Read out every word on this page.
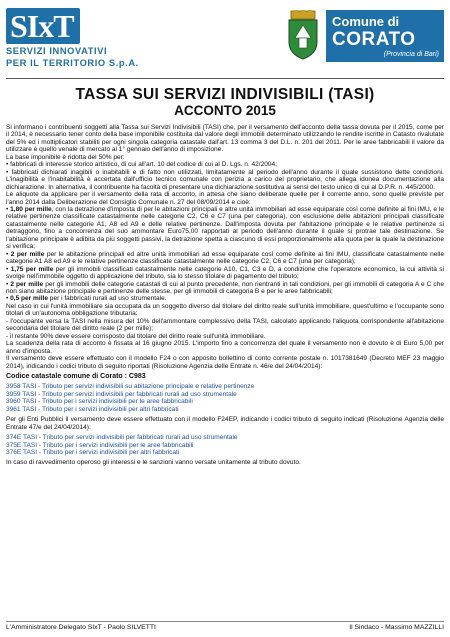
SIxT
SERVIZI INNOVATIVI
PER IL TERRITORIO S.p.A.
Comune di
CORATO
(Provincia di Bari)
TASSA SUI SERVIZI INDIVISIBILI (TASI)
ACCONTO 2015

Si informano i contribuenti soggetti alla Tassa sui Servizi Indivisibili (TASI) che, per il versamento dell'acconto della tassa dovuta per il 2015, come per il 2014, è necessario tener conto della base imponibile costituita dal valore degli immobili determinato utilizzando le rendite iscritte in Catasto rivalutate del 5% ed i moltiplicatori stabiliti per ogni singola categoria catastale dall'art. 13 comma 3 del D.L. n. 201 del 2011. Per le aree fabbricabili il valore da utilizzare è quello venale di mercato al 1° gennaio dell'anno di imposizione.

La base imponibile è ridotta del 50% per:

• fabbricati di interesse storico artistico, di cui all'art. 10 del codice di cui al D. Lgs. n. 42/2004;

• fabbricati dichiarati inagibili o inabitabili e di fatto non utilizzati, limitatamente al periodo dell'anno durante il quale sussistono dette condizioni. L'inagibilità e l'inabitabilità è accertata dall'ufficio tecnico comunale con perizia a carico del proprietario, che allega idonea documentazione alla dichiarazione. In alternativa, il contribuente ha facoltà di presentare una dichiarazione sostitutiva ai sensi del testo unico di cui al D.P.R. n. 445/2000.

Le aliquote da applicare per il versamento della rata di acconto, in attesa che siano deliberate quelle per il corrente anno, sono quelle previste per l'anno 2014 dalla Deliberazione del Consiglio Comunale n. 27 del 08/09/2014 e cioè:

• 1,80 per mille, con la detrazione d'imposta di per le abitazioni principali e altre unità immobiliari ad esse equiparate così come definite ai fini IMU, e le relative pertinenze classificate catastalmente nelle categorie C2, C6 e C7 (una per categoria), con esclusione delle abitazioni principali classificate catastalmente nelle categorie A1, A8 ed A9 e delle relative pertinenze. Dall'imposta dovuta per l'abitazione principale e le relative pertinenze si detraggono, fino a concorrenza del suo ammontare Euro75,00 rapportati al periodo dell'anno durante il quale si protrae tale destinazione. Se l'abitazione principale è adibita da più soggetti passivi, la detrazione spetta a ciascuno di essi proporzionalmente alla quota per la quale la destinazione si verifica;

• 2 per mille per le abitazione principali ed altre unità immobiliari ad esse equiparate così come definite ai fini IMU, classificate catastalmente nelle categorie A1 A8 ed A9 e le relative pertinenze classificate catastalmente nelle categorie C2, C6 e C7 (una per categoria);

• 1,75 per mille per gli immobili classificati catastalmente nelle categorie A10, C1, C3 e D, a condizione che l'operatore economico, la cui attività si svolge nell'immobile oggetto di applicazione del tributo, sia lo stesso titolare di pagamento del tributo;

• 2 per mille per gli immobili delle categorie catastali di cui al punto precedente, non rientranti in tali condizioni, per gli immobili di categoria A e C che non siano abitazione principale e pertinenze delle stesse, per gli immobili di categoria B e per le aree fabbricabili;

• 0,5 per mille per i fabbricati rurali ad uso strumentale.

Nel caso in cui l'unità immobiliare sia occupata da un soggetto diverso dal titolare del diritto reale sull'unità immobiliare, quest'ultimo e l'occupante sono titolari di un'autonoma obbligazione tributaria:

- l'occupante versa la TASI nella misura del 10% dell'ammontare complessivo della TASI, calcolato applicando l'aliquota corrispondente all'abitazione secondaria del titolare del diritto reale (2 per mille);

- il restante 90% deve essere corrisposto dal titolare del diritto reale sull'unità immobiliare.

La scadenza della rata di acconto è fissata al 16 giugno 2015. L'importo fino a concorrenza del quale il versamento non è dovuto è di Euro 5,00 per anno d'imposta.

Il versamento deve essere effettuato con il modello F24 o con apposito bollettino di conto corrente postale n. 1017381649 (Decreto MEF 23 maggio 2014), indicando i codici tributo di seguito riportati (Risoluzione Agenzia delle Entrate n. 46/e del 24/04/2014):

Codice catastale comune di Corato : C983

3958 TASI - Tributo per servizi indivisibili su abitazione principale e relative pertinenze
3959 TASI - Tributo per servizi indivisibili per fabbricati rurali ad uso strumentale
3960 TASI - Tributo per i servizi indivisibili per le aree fabbricabili
3961 TASI - Tributo per i servizi indivisibili per altri fabbricati

Per gli Enti Pubblici il versamento deve essere effettuato con il modello F24EP, indicando i codici tributo di seguito indicati (Risoluzione Agenzia delle Entrate 47/e del 24/04/2014):

374E TASI - Tributo per servizi indivisibili per fabbricati rurali ad uso strumentale
375E TASI - Tributo per i servizi indivisibili per le aree fabbricabili
376E TASI - Tributo per i servizi indivisibili per altri fabbricati

In caso di ravvedimento operoso gli interessi e le sanzioni vanno versate unitamente al tributo dovuto.

L'Amministratore Delegato SIxT - Paolo SILVETTI	Il Sindaco - Massimo MAZZILLI
